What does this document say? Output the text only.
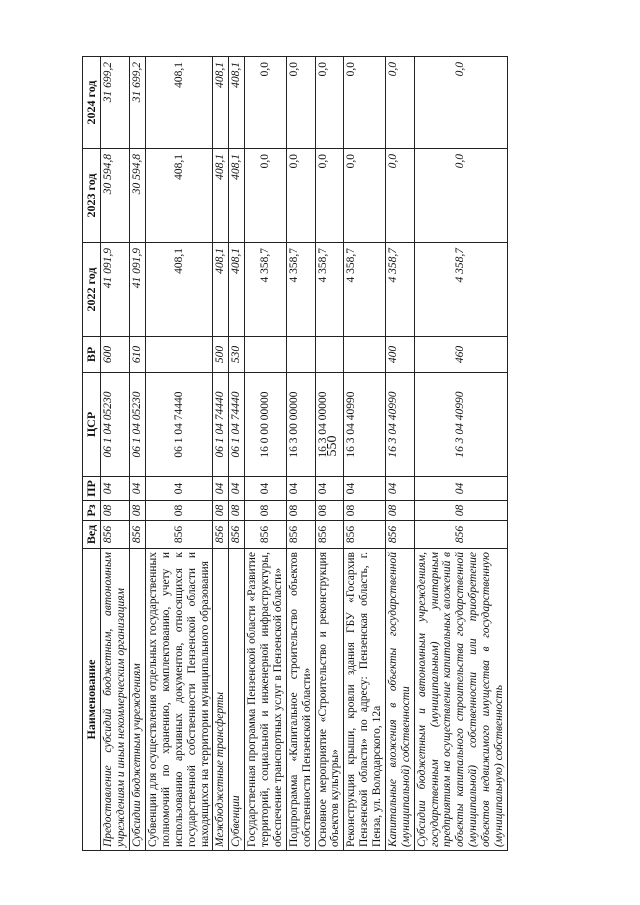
550
Наименование	Вед	Рз	ПР	ЦСР	ВР	2022 год	2023 год	2024 год
Предоставление субсидий бюджетным, автономным учреждениям и иным некоммерческим организациям	856	08	04	06 1 04 05230	600	41 091,9	30 594,8	31 699,2
Субсидии бюджетным учреждениям	856	08	04	06 1 04 05230	610	41 091,9	30 594,8	31 699,2
Субвенции для осуществления отдельных государственных полномочий по хранению, комплектованию, учету и использованию архивных документов, относящихся к государственной собственности Пензенской области и находящихся на территории муниципального образования	856	08	04	06 1 04 74440		408,1	408,1	408,1
Межбюджетные трансферты	856	08	04	06 1 04 74440	500	408,1	408,1	408,1
Субвенции	856	08	04	06 1 04 74440	530	408,1	408,1	408,1
Государственная программа Пензенской области «Развитие территорий, социальной и инженерной инфраструктуры, обеспечение транспортных услуг в Пензенской области»	856	08	04	16 0 00 00000		4 358,7	0,0	0,0
Подпрограмма «Капитальное строительство объектов собственности Пензенской области»	856	08	04	16 3 00 00000		4 358,7	0,0	0,0
Основное мероприятие «Строительство и реконструкция объектов культуры»	856	08	04	16 3 04 00000		4 358,7	0,0	0,0
Реконструкция крыши, кровли здания ГБУ «Госархив Пензенской области» по адресу: Пензенская область, г. Пенза, ул. Володарского, 12а	856	08	04	16 3 04 40990		4 358,7	0,0	0,0
Капитальные вложения в объекты государственной (муниципальной) собственности	856	08	04	16 3 04 40990	400	4 358,7	0,0	0,0
Субсидии бюджетным и автономным учреждениям, государственным (муниципальным) унитарным предприятиям на осуществление капитальных вложений в объекты капитального строительства государственной (муниципальной) собственности или приобретение объектов недвижимого имущества в государственную (муниципальную) собственность	856	08	04	16 3 04 40990	460	4 358,7	0,0	0,0
